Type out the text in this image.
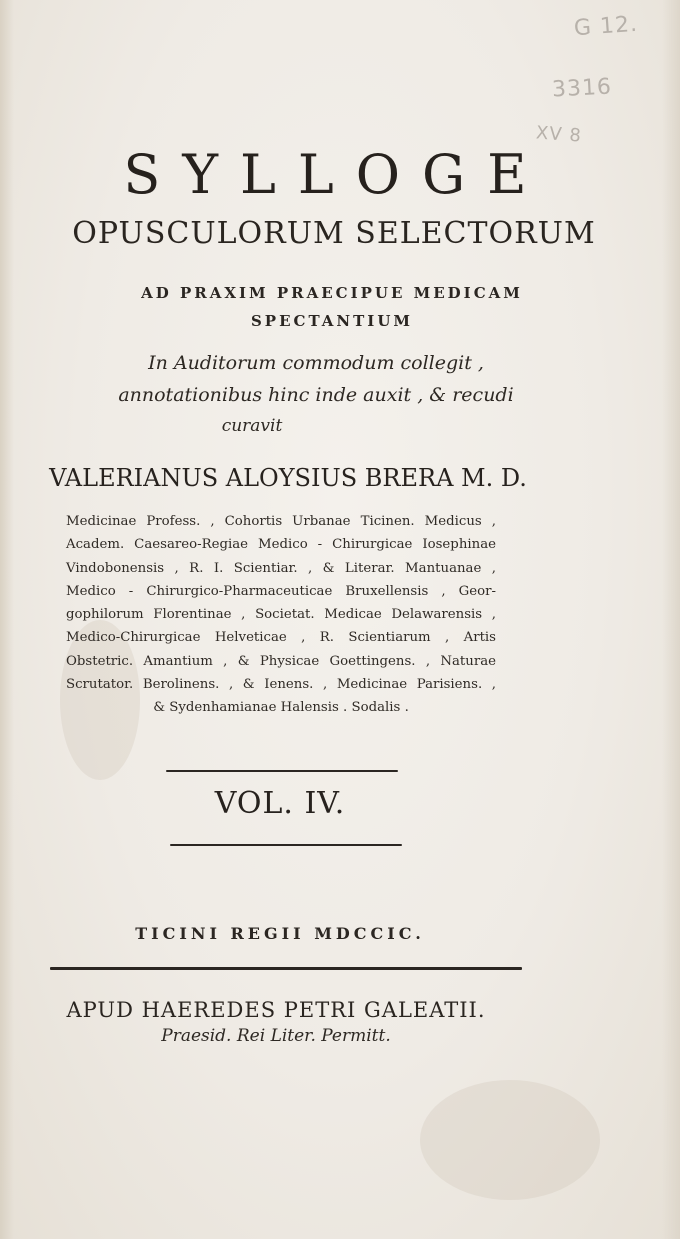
G 12.
3316
XV 8
SYLLOGE
OPUSCULORUM SELECTORUM
AD PRAXIM PRAECIPUE MEDICAM
SPECTANTIUM
In Auditorum commodum collegit ,
annotationibus hinc inde auxit , & recudi
curavit
VALERIANUS ALOYSIUS BRERA M. D.
Medicinae Profess. , Cohortis Urbanae Ticinen. Medicus ,
Academ. Caesareo-Regiae Medico - Chirurgicae Iosephinae
Vindobonensis , R. I. Scientiar. , & Literar. Mantuanae ,
Medico - Chirurgico-Pharmaceuticae Bruxellensis , Geor-
gophilorum Florentinae , Societat. Medicae Delawarensis ,
Medico-Chirurgicae Helveticae , R. Scientiarum , Artis
Obstetric. Amantium , & Physicae Goettingens. , Naturae
Scrutator. Berolinens. , & Ienens. , Medicinae Parisiens. ,
& Sydenhamianae Halensis . Sodalis .
VOL. IV.
TICINI REGII MDCCIC.
APUD HAEREDES PETRI GALEATII.
Praesid. Rei Liter. Permitt.
